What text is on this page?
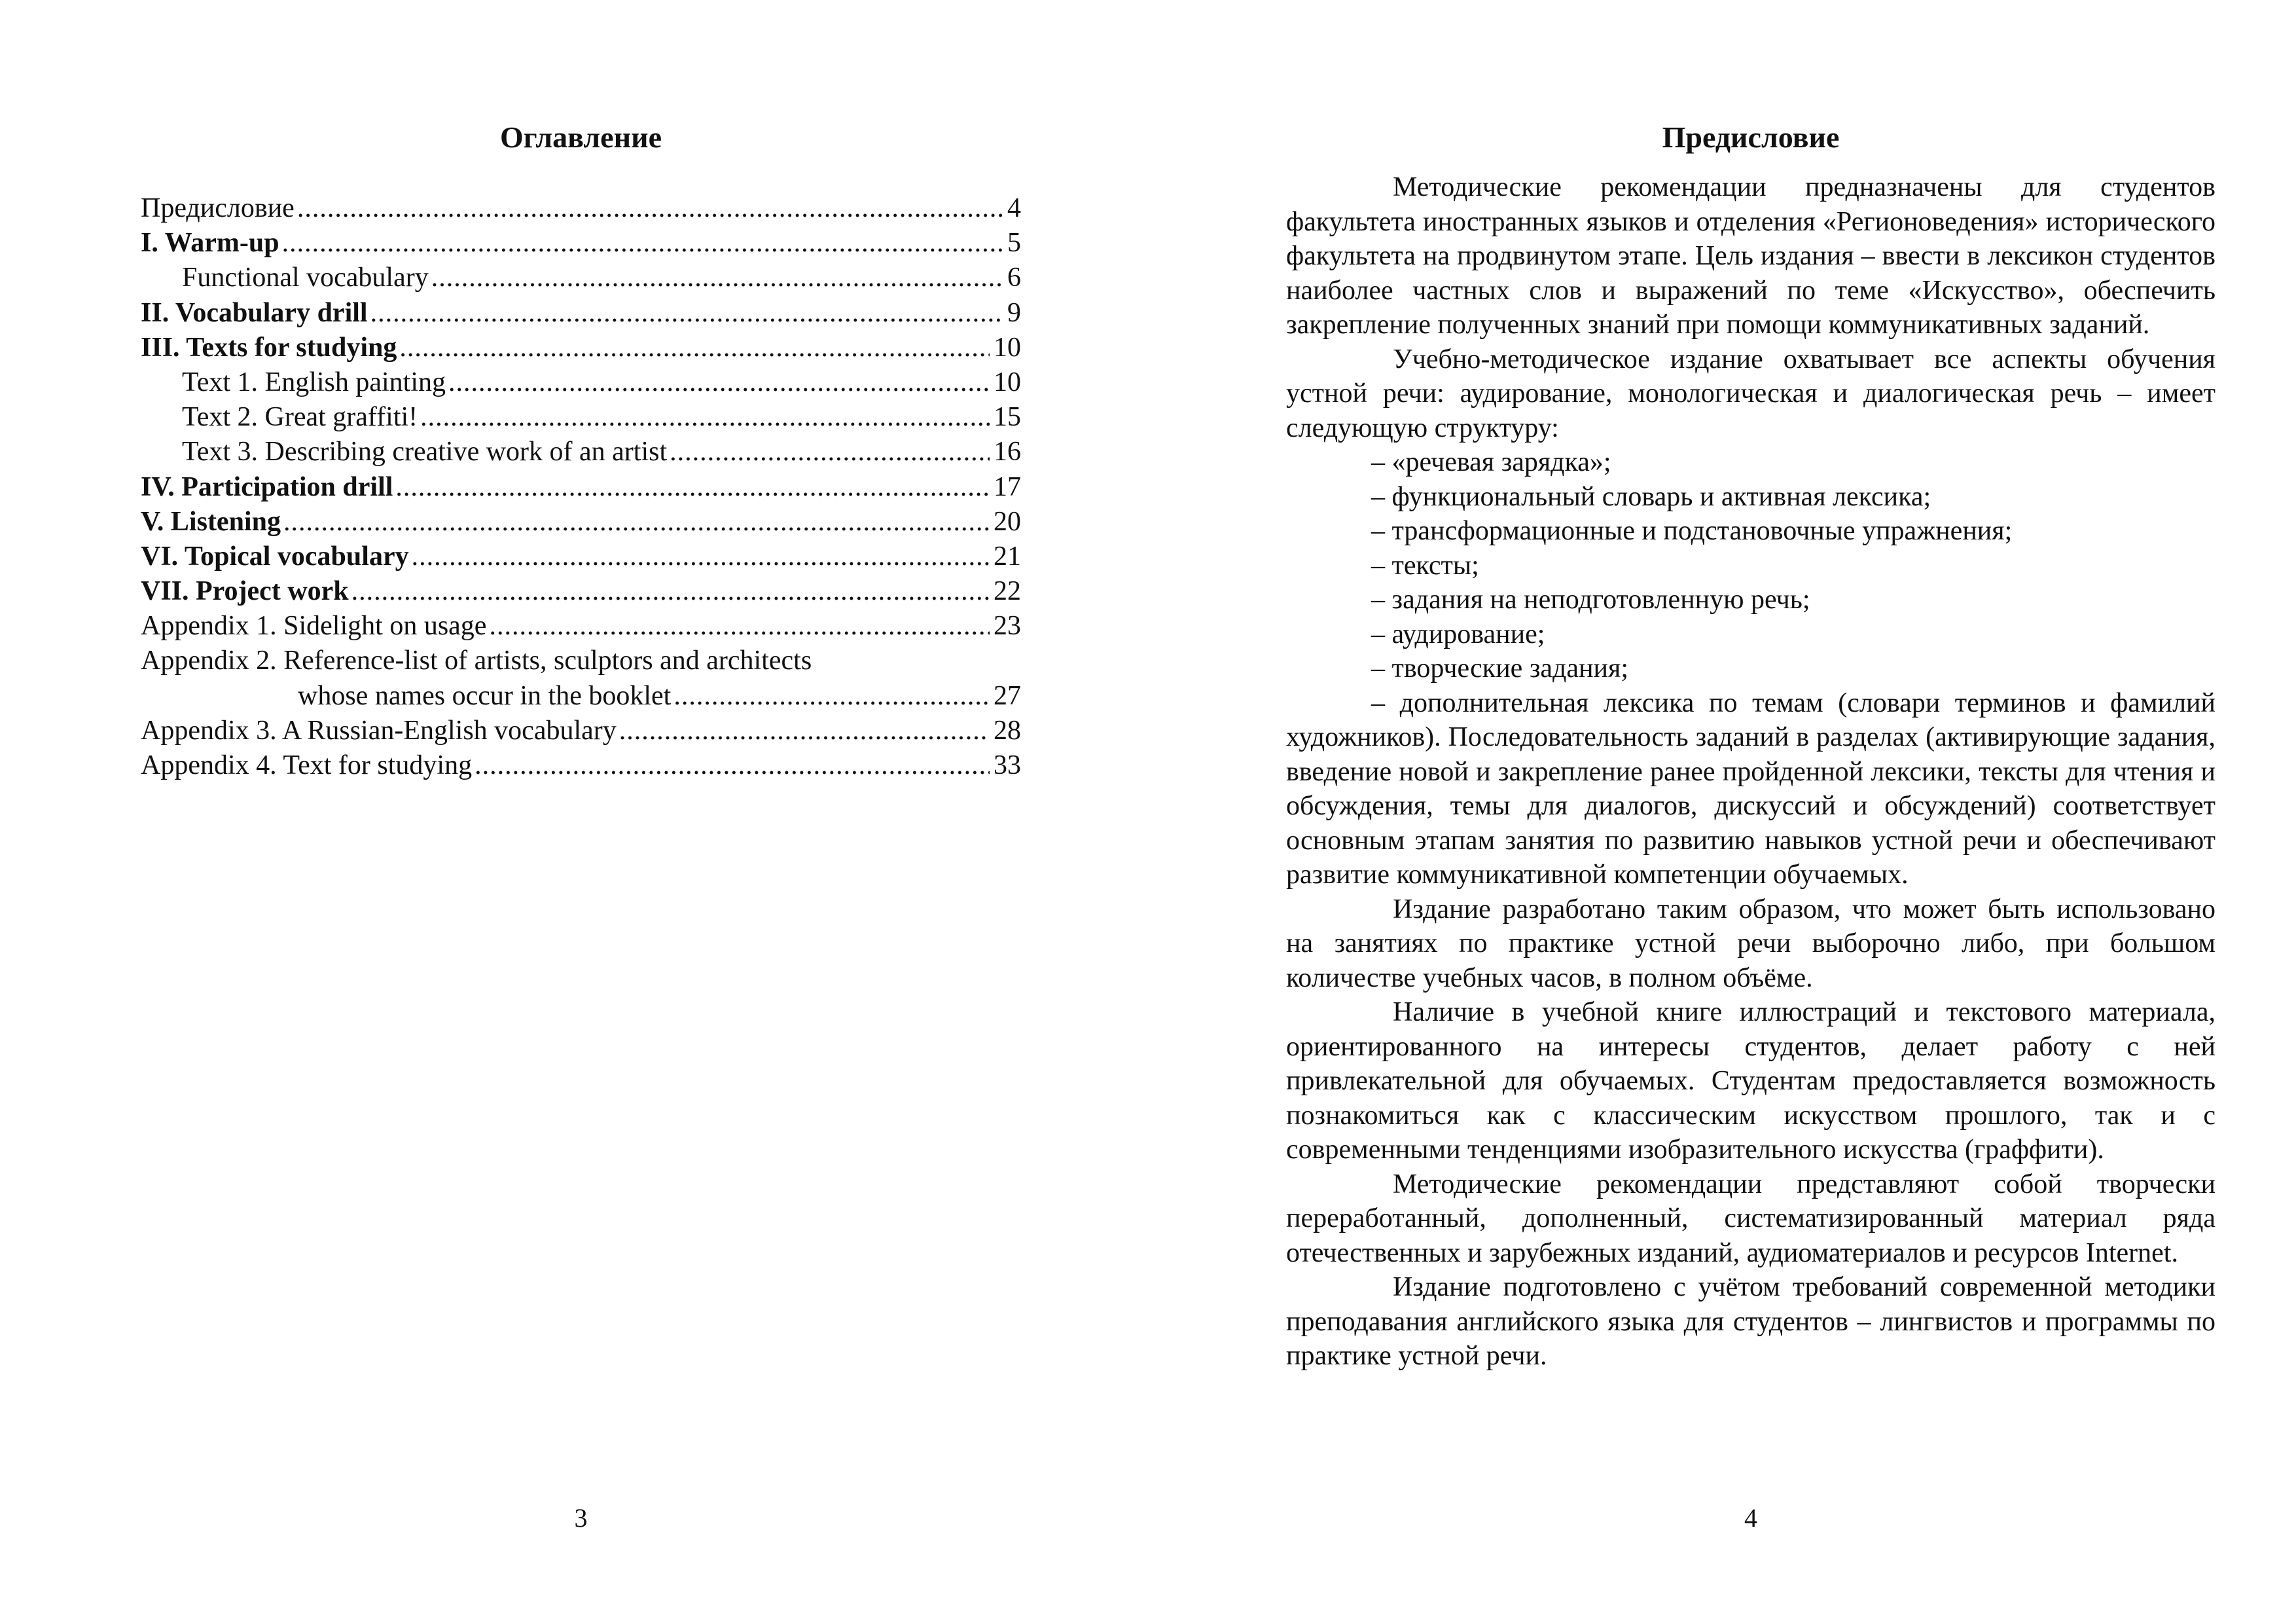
Оглавление
Предисловие .....	4
I. Warm-up .....	5
Functional vocabulary .....	6
II. Vocabulary drill .....	9
III. Texts for studying .....	10
Text 1. English painting .....	10
Text 2. Great graffiti! .....	15
Text 3. Describing creative work of an artist .....	16
IV. Participation drill .....	17
V. Listening .....	20
VI. Topical vocabulary .....	21
VII. Project work .....	22
Appendix 1. Sidelight on usage .....	23
Appendix 2. Reference-list of artists, sculptors and architects
whose names occur in the booklet .....	27
Appendix 3. A Russian-English vocabulary .....	28
Appendix 4. Text for studying .....	33
3
Предисловие

Методические рекомендации предназначены для студентов факультета иностранных языков и отделения «Регионоведения» исторического факультета на продвинутом этапе. Цель издания – ввести в лексикон студентов наиболее частных слов и выражений по теме «Искусство», обеспечить закрепление полученных знаний при помощи коммуникативных заданий.

Учебно-методическое издание охватывает все аспекты обучения устной речи: аудирование, монологическая и диалогическая речь – имеет следующую структуру:

– «речевая зарядка»;
– функциональный словарь и активная лексика;
– трансформационные и подстановочные упражнения;
– тексты;
– задания на неподготовленную речь;
– аудирование;
– творческие задания;

– дополнительная лексика по темам (словари терминов и фамилий художников). Последовательность заданий в разделах (активирующие задания, введение новой и закрепление ранее пройденной лексики, тексты для чтения и обсуждения, темы для диалогов, дискуссий и обсуждений) соответствует основным этапам занятия по развитию навыков устной речи и обеспечивают развитие коммуникативной компетенции обучаемых.

Издание разработано таким образом, что может быть использовано на занятиях по практике устной речи выборочно либо, при большом количестве учебных часов, в полном объёме.

Наличие в учебной книге иллюстраций и текстового материала, ориентированного на интересы студентов, делает работу с ней привлекательной для обучаемых. Студентам предоставляется возможность познакомиться как с классическим искусством прошлого, так и с современными тенденциями изобразительного искусства (граффити).

Методические рекомендации представляют собой творчески переработанный, дополненный, систематизированный материал ряда отечественных и зарубежных изданий, аудиоматериалов и ресурсов Internet.

Издание подготовлено с учётом требований современной методики преподавания английского языка для студентов – лингвистов и программы по практике устной речи.

4
